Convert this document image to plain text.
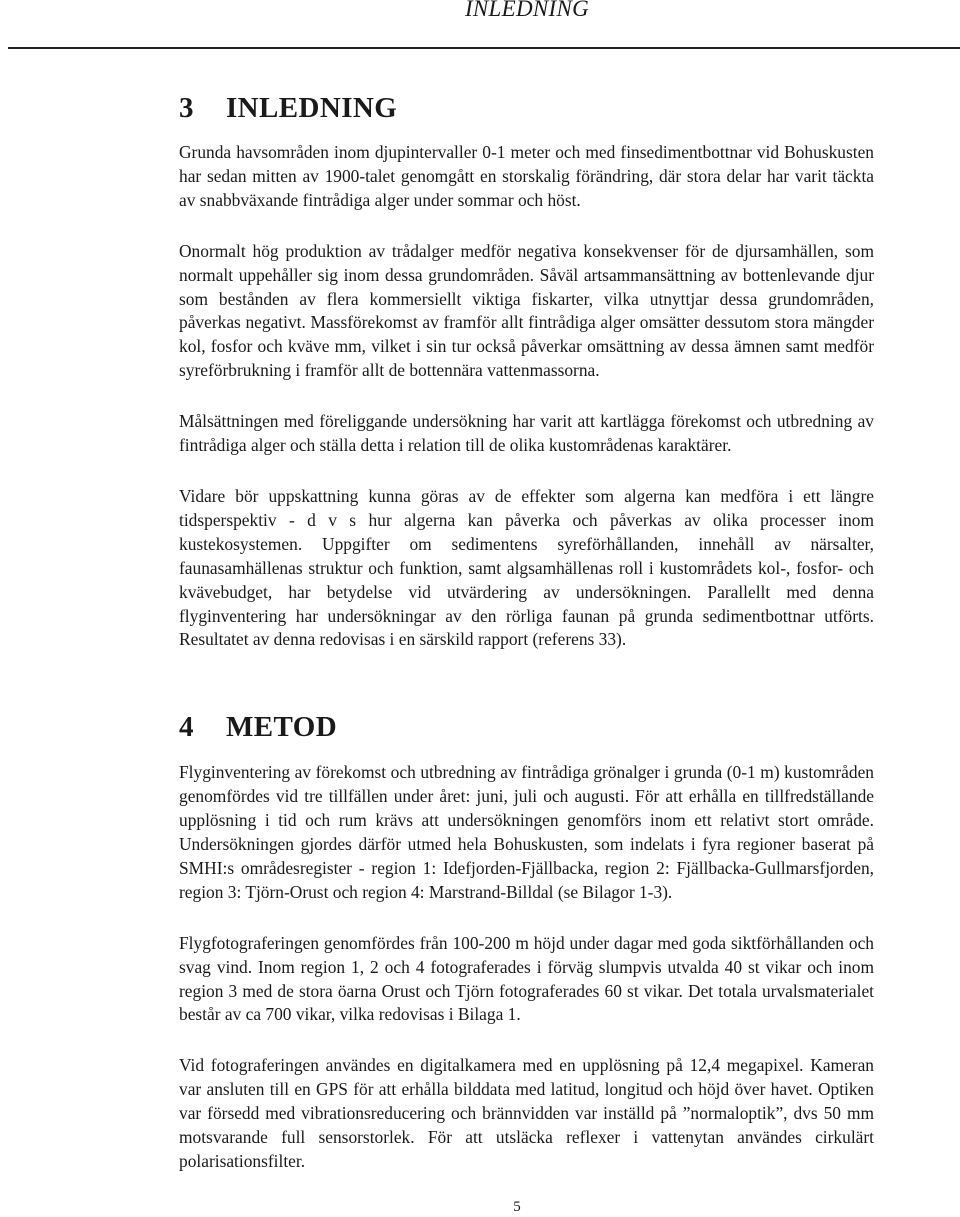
INLEDNING
3 INLEDNING

Grunda havsområden inom djupintervaller 0-1 meter och med finsedimentbottnar vid Bohuskusten har sedan mitten av 1900-talet genomgått en storskalig förändring, där stora delar har varit täckta av snabbväxande fintrådiga alger under sommar och höst.

Onormalt hög produktion av trådalger medför negativa konsekvenser för de djursamhällen, som normalt uppehåller sig inom dessa grundområden. Såväl artsammansättning av bottenlevande djur som bestånden av flera kommersiellt viktiga fiskarter, vilka utnyttjar dessa grundområden, påverkas negativt. Massförekomst av framför allt fintrådiga alger omsätter dessutom stora mängder kol, fosfor och kväve mm, vilket i sin tur också påverkar omsättning av dessa ämnen samt medför syreförbrukning i framför allt de bottennära vattenmassorna.

Målsättningen med föreliggande undersökning har varit att kartlägga förekomst och utbredning av fintrådiga alger och ställa detta i relation till de olika kustområdenas karaktärer.

Vidare bör uppskattning kunna göras av de effekter som algerna kan medföra i ett längre tidsperspektiv - d v s hur algerna kan påverka och påverkas av olika processer inom kustekosystemen. Uppgifter om sedimentens syreförhållanden, innehåll av närsalter, faunasamhällenas struktur och funktion, samt algsamhällenas roll i kustområdets kol-, fosfor- och kvävebudget, har betydelse vid utvärdering av undersökningen. Parallellt med denna flyginventering har undersökningar av den rörliga faunan på grunda sedimentbottnar utförts. Resultatet av denna redovisas i en särskild rapport (referens 33).

4 METOD

Flyginventering av förekomst och utbredning av fintrådiga grönalger i grunda (0-1 m) kustområden genomfördes vid tre tillfällen under året: juni, juli och augusti. För att erhålla en tillfredställande upplösning i tid och rum krävs att undersökningen genomförs inom ett relativt stort område. Undersökningen gjordes därför utmed hela Bohuskusten, som indelats i fyra regioner baserat på SMHI:s områdesregister - region 1: Idefjorden-Fjällbacka, region 2: Fjällbacka-Gullmarsfjorden, region 3: Tjörn-Orust och region 4: Marstrand-Billdal (se Bilagor 1-3).

Flygfotograferingen genomfördes från 100-200 m höjd under dagar med goda siktförhållanden och svag vind. Inom region 1, 2 och 4 fotograferades i förväg slumpvis utvalda 40 st vikar och inom region 3 med de stora öarna Orust och Tjörn fotograferades 60 st vikar. Det totala urvalsmaterialet består av ca 700 vikar, vilka redovisas i Bilaga 1.

Vid fotograferingen användes en digitalkamera med en upplösning på 12,4 megapixel. Kameran var ansluten till en GPS för att erhålla bilddata med latitud, longitud och höjd över havet. Optiken var försedd med vibrationsreducering och brännvidden var inställd på ”normaloptik”, dvs 50 mm motsvarande full sensorstorlek. För att utsläcka reflexer i vattenytan användes cirkulärt polarisationsfilter.

5
